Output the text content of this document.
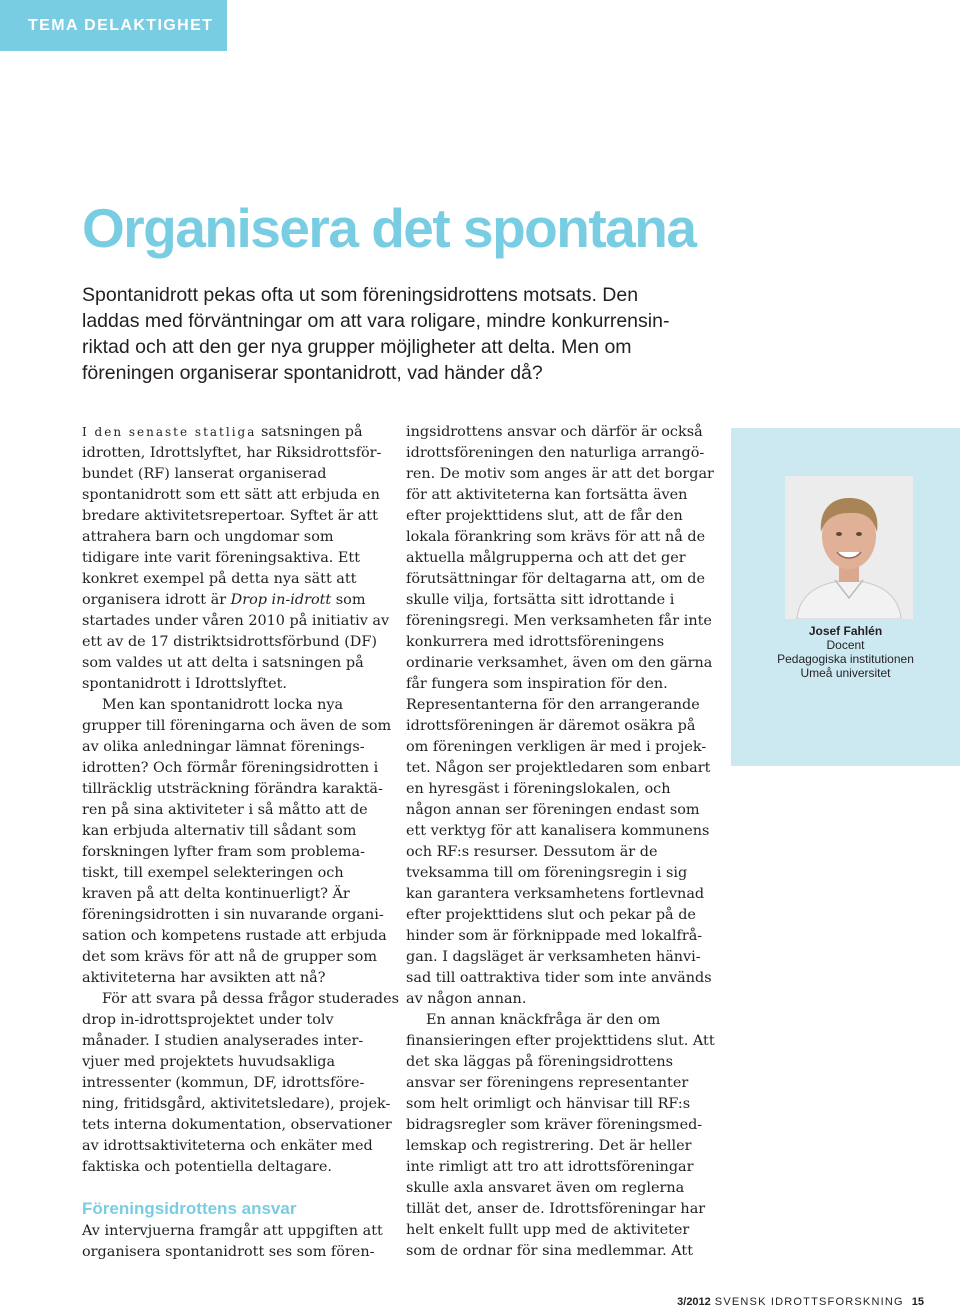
TEMA DELAKTIGHET
Organisera det spontana
Spontanidrott pekas ofta ut som föreningsidrottens motsats. Den
laddas med förväntningar om att vara roligare, mindre konkurrensin-
riktad och att den ger nya grupper möjligheter att delta. Men om
föreningen organiserar spontanidrott, vad händer då?

I den senaste statliga satsningen på
idrotten, Idrottslyftet, har Riksidrottsför-
bundet (RF) lanserat organiserad
spontanidrott som ett sätt att erbjuda en
bredare aktivitetsrepertoar. Syftet är att
attrahera barn och ungdomar som
tidigare inte varit föreningsaktiva. Ett
konkret exempel på detta nya sätt att
organisera idrott är Drop in-idrott som
startades under våren 2010 på initiativ av
ett av de 17 distriktsidrottsförbund (DF)
som valdes ut att delta i satsningen på
spontanidrott i Idrottslyftet.

Men kan spontanidrott locka nya
grupper till föreningarna och även de som
av olika anledningar lämnat förenings-
idrotten? Och förmår föreningsidrotten i
tillräcklig utsträckning förändra karaktä-
ren på sina aktiviteter i så måtto att de
kan erbjuda alternativ till sådant som
forskningen lyfter fram som problema-
tiskt, till exempel selekteringen och
kraven på att delta kontinuerligt? Är
föreningsidrotten i sin nuvarande organi-
sation och kompetens rustade att erbjuda
det som krävs för att nå de grupper som
aktiviteterna har avsikten att nå?

För att svara på dessa frågor studerades
drop in-idrottsprojektet under tolv
månader. I studien analyserades inter-
vjuer med projektets huvudsakliga
intressenter (kommun, DF, idrottsföre-
ning, fritidsgård, aktivitetsledare), projek-
tets interna dokumentation, observationer
av idrottsaktiviteterna och enkäter med
faktiska och potentiella deltagare.

Föreningsidrottens ansvar

Av intervjuerna framgår att uppgiften att
organisera spontanidrott ses som fören-

ingsidrottens ansvar och därför är också
idrottsföreningen den naturliga arrangö-
ren. De motiv som anges är att det borgar
för att aktiviteterna kan fortsätta även
efter projekttidens slut, att de får den
lokala förankring som krävs för att nå de
aktuella målgrupperna och att det ger
förutsättningar för deltagarna att, om de
skulle vilja, fortsätta sitt idrottande i
föreningsregi. Men verksamheten får inte
konkurrera med idrottsföreningens
ordinarie verksamhet, även om den gärna
får fungera som inspiration för den.
Representanterna för den arrangerande
idrottsföreningen är däremot osäkra på
om föreningen verkligen är med i projek-
tet. Någon ser projektledaren som enbart
en hyresgäst i föreningslokalen, och
någon annan ser föreningen endast som
ett verktyg för att kanalisera kommunens
och RF:s resurser. Dessutom är de
tveksamma till om föreningsregin i sig
kan garantera verksamhetens fortlevnad
efter projekttidens slut och pekar på de
hinder som är förknippade med lokalfrå-
gan. I dagsläget är verksamheten hänvi-
sad till oattraktiva tider som inte används
av någon annan.

En annan knäckfråga är den om
finansieringen efter projekttidens slut. Att
det ska läggas på föreningsidrottens
ansvar ser föreningens representanter
som helt orimligt och hänvisar till RF:s
bidragsregler som kräver föreningsmed-
lemskap och registrering. Det är heller
inte rimligt att tro att idrottsföreningar
skulle axla ansvaret även om reglerna
tillät det, anser de. Idrottsföreningar har
helt enkelt fullt upp med de aktiviteter
som de ordnar för sina medlemmar. Att

Josef Fahlén
Docent
Pedagogiska institutionen
Umeå universitet
3/2012 SVENSK IDROTTSFORSKNING 15
